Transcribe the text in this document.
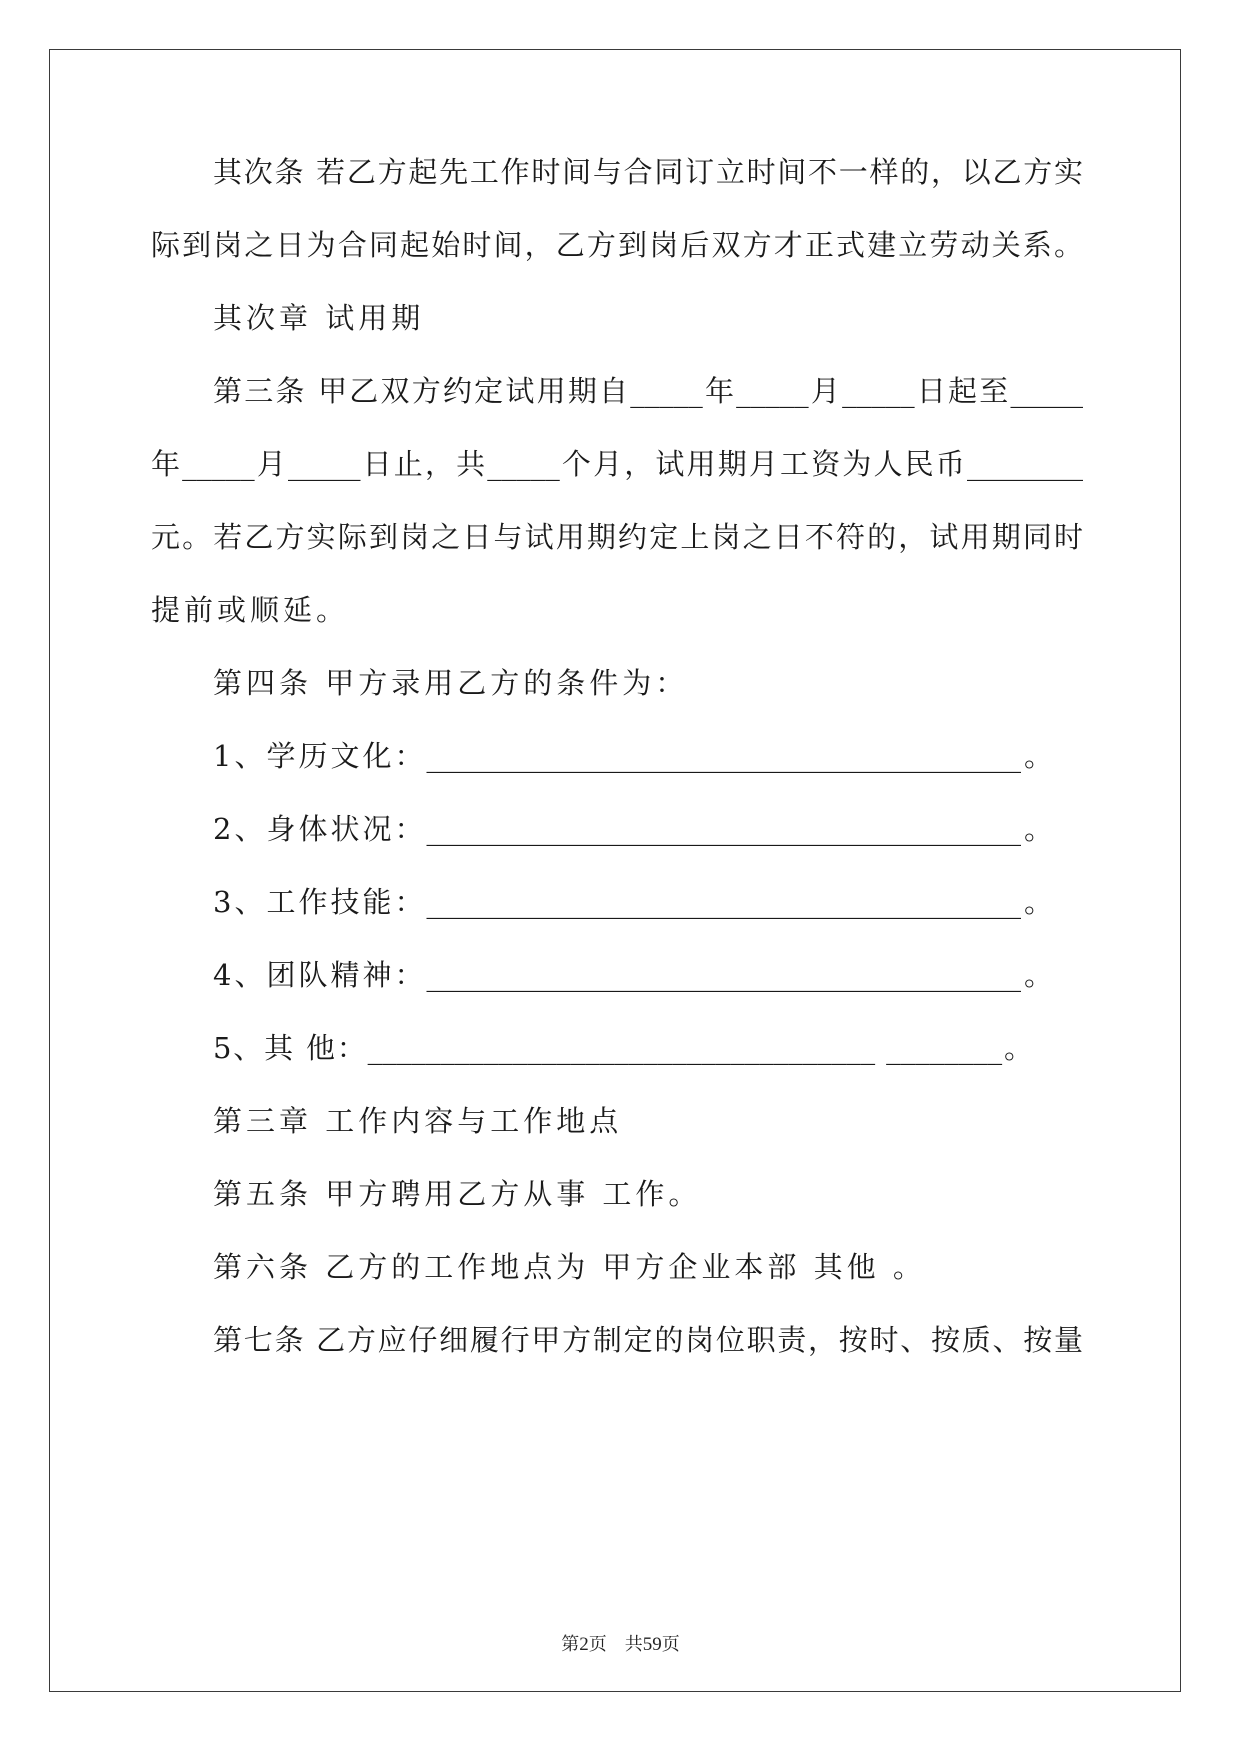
其次条 若乙方起先工作时间与合同订立时间不一样的，以乙方实
际到岗之日为合同起始时间，乙方到岗后双方才正式建立劳动关系。
其次章 试用期
第三条 甲乙双方约定试用期自_____年_____月_____日起至_____
年_____月_____日止，共_____个月，试用期月工资为人民币________
元。若乙方实际到岗之日与试用期约定上岗之日不符的，试用期同时
提前或顺延。
第四条 甲方录用乙方的条件为：
1、学历文化：_________________________________________。
2、身体状况：_________________________________________。
3、工作技能：_________________________________________。
4、团队精神：_________________________________________。
5、其 他：___________________________________ ________。
第三章 工作内容与工作地点
第五条 甲方聘用乙方从事 工作。
第六条 乙方的工作地点为 甲方企业本部 其他 。
第七条 乙方应仔细履行甲方制定的岗位职责，按时、按质、按量
第2页　共59页
